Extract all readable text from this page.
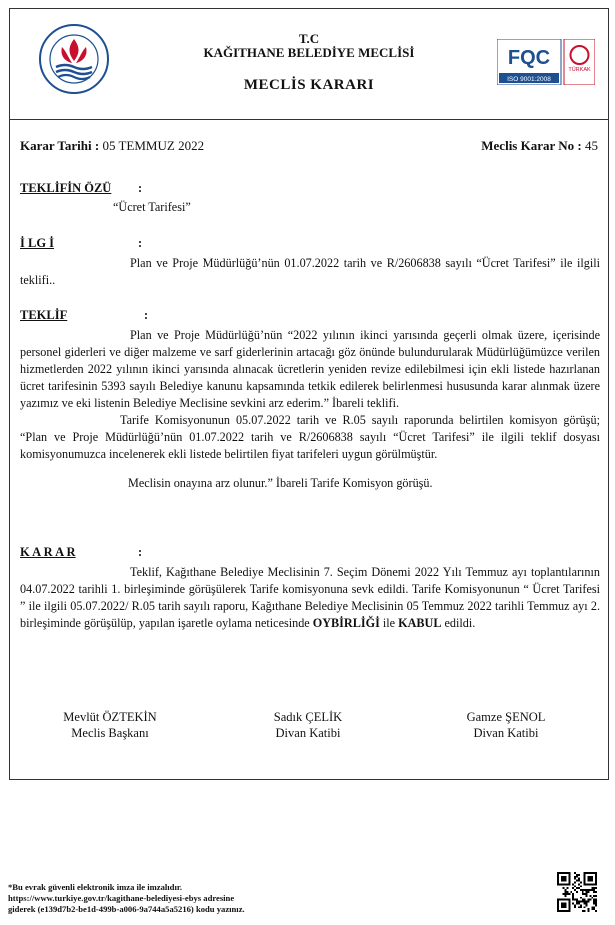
T.C
KAĞITHANE BELEDİYE MECLİSİ
MECLİS KARARI
FQC
ISO 9001:2008
TÜRKAK
Karar Tarihi : 05 TEMMUZ 2022	Meclis Karar No : 45
TEKLİFİN ÖZÜ :
“Ücret Tarifesi”
İ LG İ	:

Plan ve Proje Müdürlüğü’nün 01.07.2022 tarih ve R/2606838 sayılı “Ücret Tarifesi” ile ilgili teklifi..

TEKLİF	:

Plan ve Proje Müdürlüğü’nün “2022 yılının ikinci yarısında geçerli olmak üzere, içerisinde personel giderleri ve diğer malzeme ve sarf giderlerinin artacağı göz önünde bulundurularak Müdürlüğümüzce verilen hizmetlerden 2022 yılının ikinci yarısında alınacak ücretlerin yeniden revize edilebilmesi için ekli listede hazırlanan ücret tarifesinin 5393 sayılı Belediye kanunu kapsamında tetkik edilerek belirlenmesi hususunda karar alınmak üzere yazımız ve eki listenin Belediye Meclisine sevkini arz ederim.” İbareli teklifi.

Tarife Komisyonunun 05.07.2022 tarih ve R.05 sayılı raporunda belirtilen komisyon görüşü; “Plan ve Proje Müdürlüğü’nün 01.07.2022 tarih ve R/2606838 sayılı “Ücret Tarifesi” ile ilgili teklif dosyası komisyonumuzca incelenerek ekli listede belirtilen fiyat tarifeleri uygun görülmüştür.

Meclisin onayına arz olunur.” İbareli Tarife Komisyon görüşü.

K A R A R	:

Teklif, Kağıthane Belediye Meclisinin 7. Seçim Dönemi 2022 Yılı Temmuz ayı toplantılarının 04.07.2022 tarihli 1. birleşiminde görüşülerek Tarife komisyonuna sevk edildi. Tarife Komisyonunun “ Ücret Tarifesi ” ile ilgili 05.07.2022/ R.05 tarih sayılı raporu, Kağıthane Belediye Meclisinin 05 Temmuz 2022 tarihli Temmuz ayı 2. birleşiminde görüşülüp, yapılan işaretle oylama neticesinde OYBİRLİĞİ ile KABUL edildi.

Mevlüt ÖZTEKİN
Meclis Başkanı
Sadık ÇELİK
Divan Katibi
Gamze ŞENOL
Divan Katibi
*Bu evrak güvenli elektronik imza ile imzalıdır.
https://www.turkiye.gov.tr/kagithane-belediyesi-ebys adresine
giderek (e139d7b2-be1d-499b-a006-9a744a5a5216) kodu yazınız.
